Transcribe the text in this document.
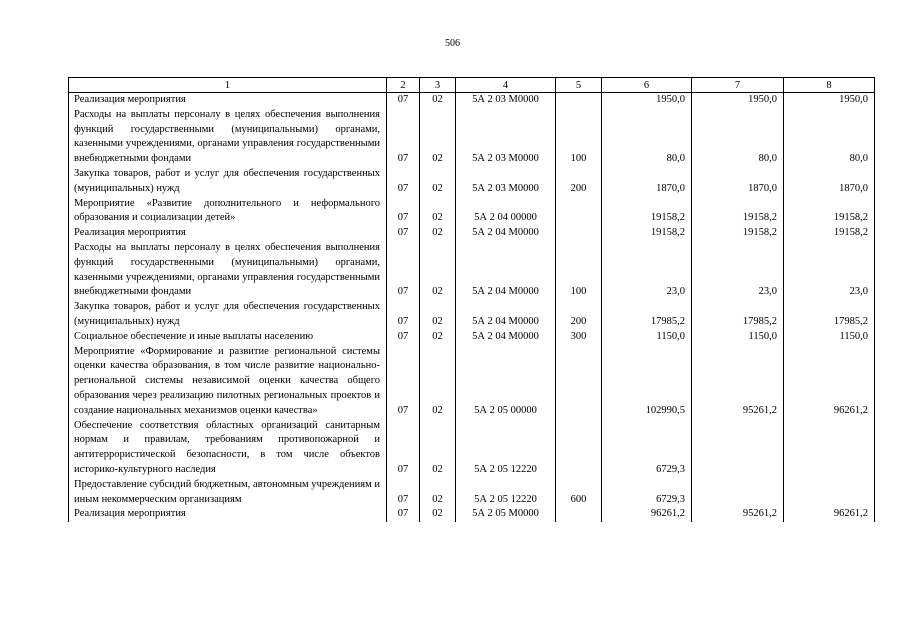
506
1	2	3	4	5	6	7	8
Реализация мероприятия	07	02	5А 2 03 М0000		1950,0	1950,0	1950,0
Расходы на выплаты персоналу в целях обеспечения выполнения функций государственными (муниципальными) органами, казенными учреждениями, органами управления государственными внебюджетными фондами	07	02	5А 2 03 М0000	100	80,0	80,0	80,0
Закупка товаров, работ и услуг для обеспечения государственных (муниципальных) нужд	07	02	5А 2 03 М0000	200	1870,0	1870,0	1870,0
Мероприятие «Развитие дополнительного и неформального образования и социализации детей»	07	02	5А 2 04 00000		19158,2	19158,2	19158,2
Реализация мероприятия	07	02	5А 2 04 М0000		19158,2	19158,2	19158,2
Расходы на выплаты персоналу в целях обеспечения выполнения функций государственными (муниципальными) органами, казенными учреждениями, органами управления государственными внебюджетными фондами	07	02	5А 2 04 М0000	100	23,0	23,0	23,0
Закупка товаров, работ и услуг для обеспечения государственных (муниципальных) нужд	07	02	5А 2 04 М0000	200	17985,2	17985,2	17985,2
Социальное обеспечение и иные выплаты населению	07	02	5А 2 04 М0000	300	1150,0	1150,0	1150,0
Мероприятие «Формирование и развитие региональной системы оценки качества образования, в том числе развитие национально-региональной системы независимой оценки качества общего образования через реализацию пилотных региональных проектов и создание национальных механизмов оценки качества»	07	02	5А 2 05 00000		102990,5	95261,2	96261,2
Обеспечение соответствия областных организаций санитарным нормам и правилам, требованиям противопожарной и антитеррористической безопасности, в том числе объектов историко-культурного наследия	07	02	5А 2 05 12220		6729,3		
Предоставление субсидий бюджетным, автономным учреждениям и иным некоммерческим организациям	07	02	5А 2 05 12220	600	6729,3		
Реализация мероприятия	07	02	5А 2 05 М0000		96261,2	95261,2	96261,2
